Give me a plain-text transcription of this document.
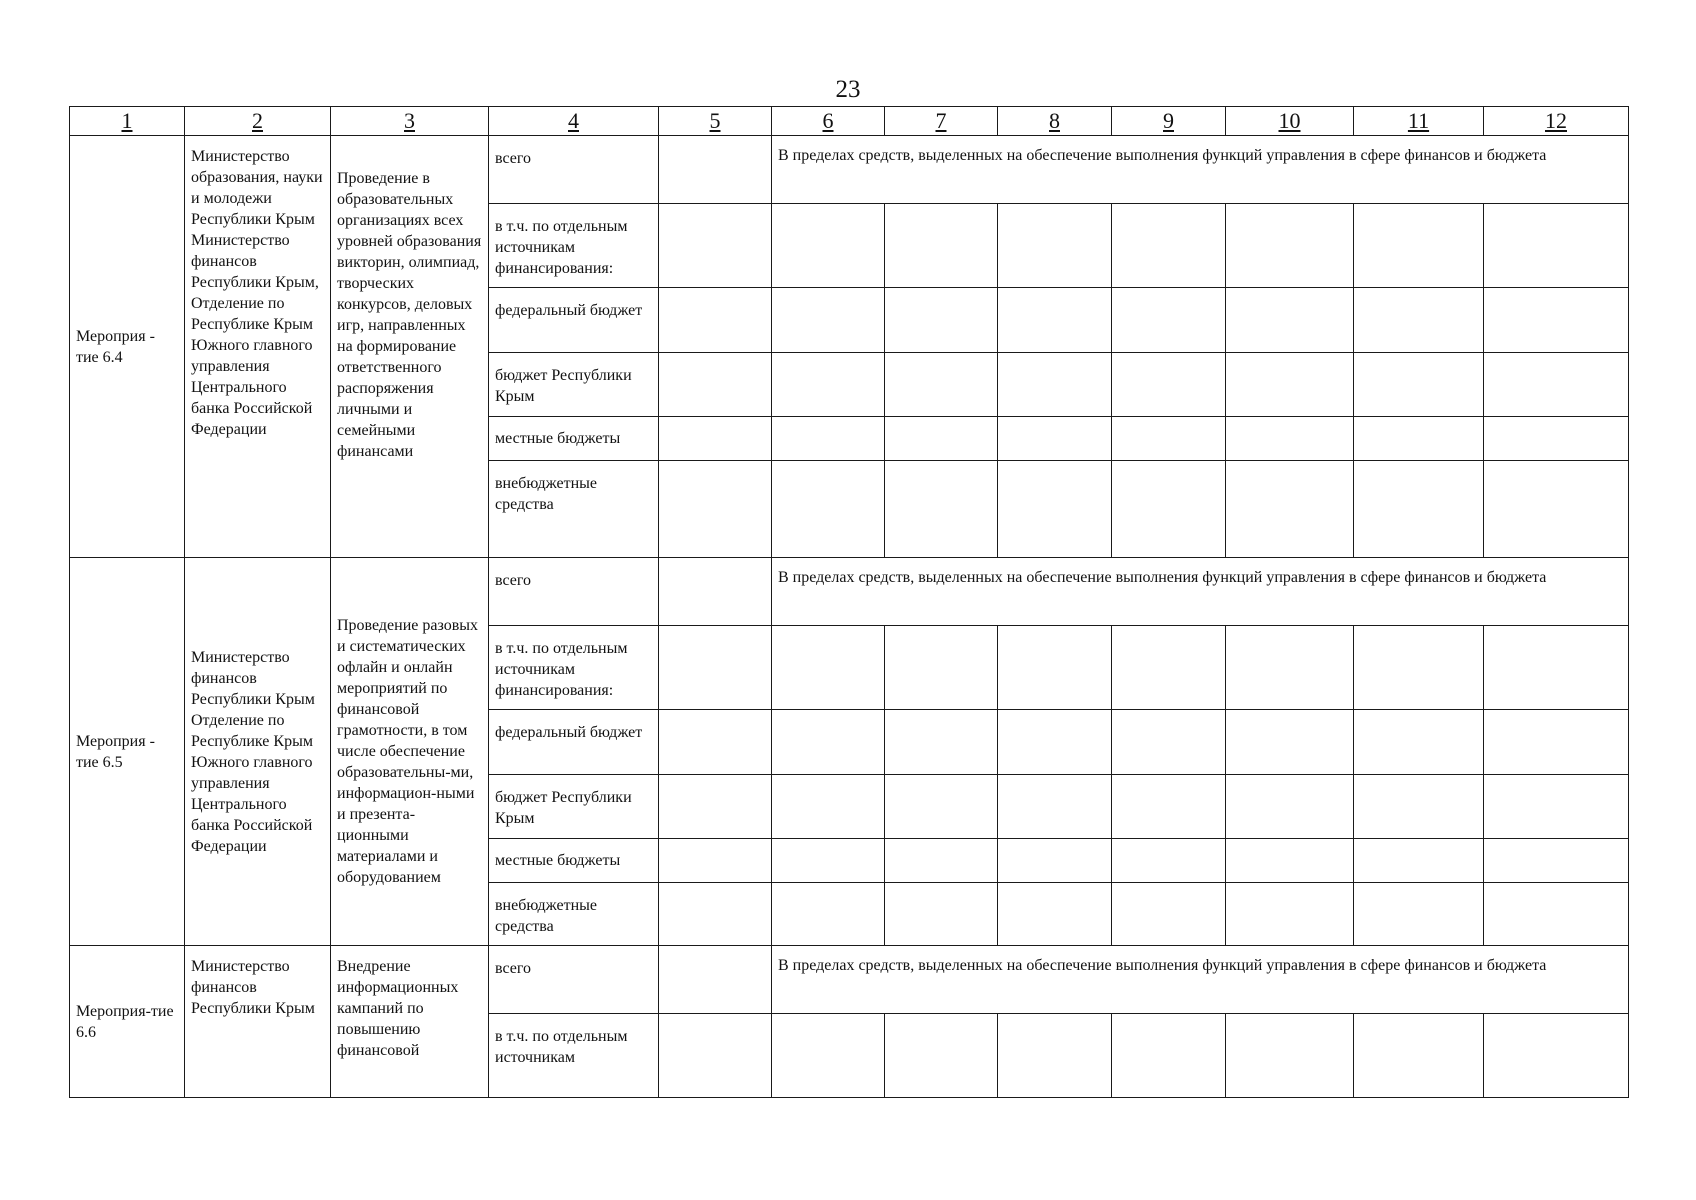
23
1	2	3	4	5	6	7	8	9	10	11	12
Мероприя - тие 6.4	Министерство образования, науки и молодежи Республики Крым Министерство финансов Республики Крым, Отделение по Республике Крым Южного главного управления Центрального банка Российской Федерации	Проведение в образовательных организациях всех уровней образования викторин, олимпиад, творческих конкурсов, деловых игр, направленных на формирование ответственного распоряжения личными и семейными финансами	всего		В пределах средств, выделенных на обеспечение выполнения функций управления в сфере финансов и бюджета						
			в т.ч. по отдельным источникам финансирования:								
			федеральный бюджет								
			бюджет Республики Крым								
			местные бюджеты								
			внебюджетные средства								
Мероприя - тие 6.5	Министерство финансов Республики Крым Отделение по Республике Крым Южного главного управления Центрального банка Российской Федерации	Проведение разовых и систематических офлайн и онлайн мероприятий по финансовой грамотности, в том числе обеспечение образовательны-ми, информацион-ными и презента-ционными материалами и оборудованием	всего		В пределах средств, выделенных на обеспечение выполнения функций управления в сфере финансов и бюджета						
			в т.ч. по отдельным источникам финансирования:								
			федеральный бюджет								
			бюджет Республики Крым								
			местные бюджеты								
			внебюджетные средства								
Мероприя-тие 6.6	Министерство финансов Республики Крым	Внедрение информационных кампаний по повышению финансовой	всего		В пределах средств, выделенных на обеспечение выполнения функций управления в сфере финансов и бюджета						
			в т.ч. по отдельным источникам								
